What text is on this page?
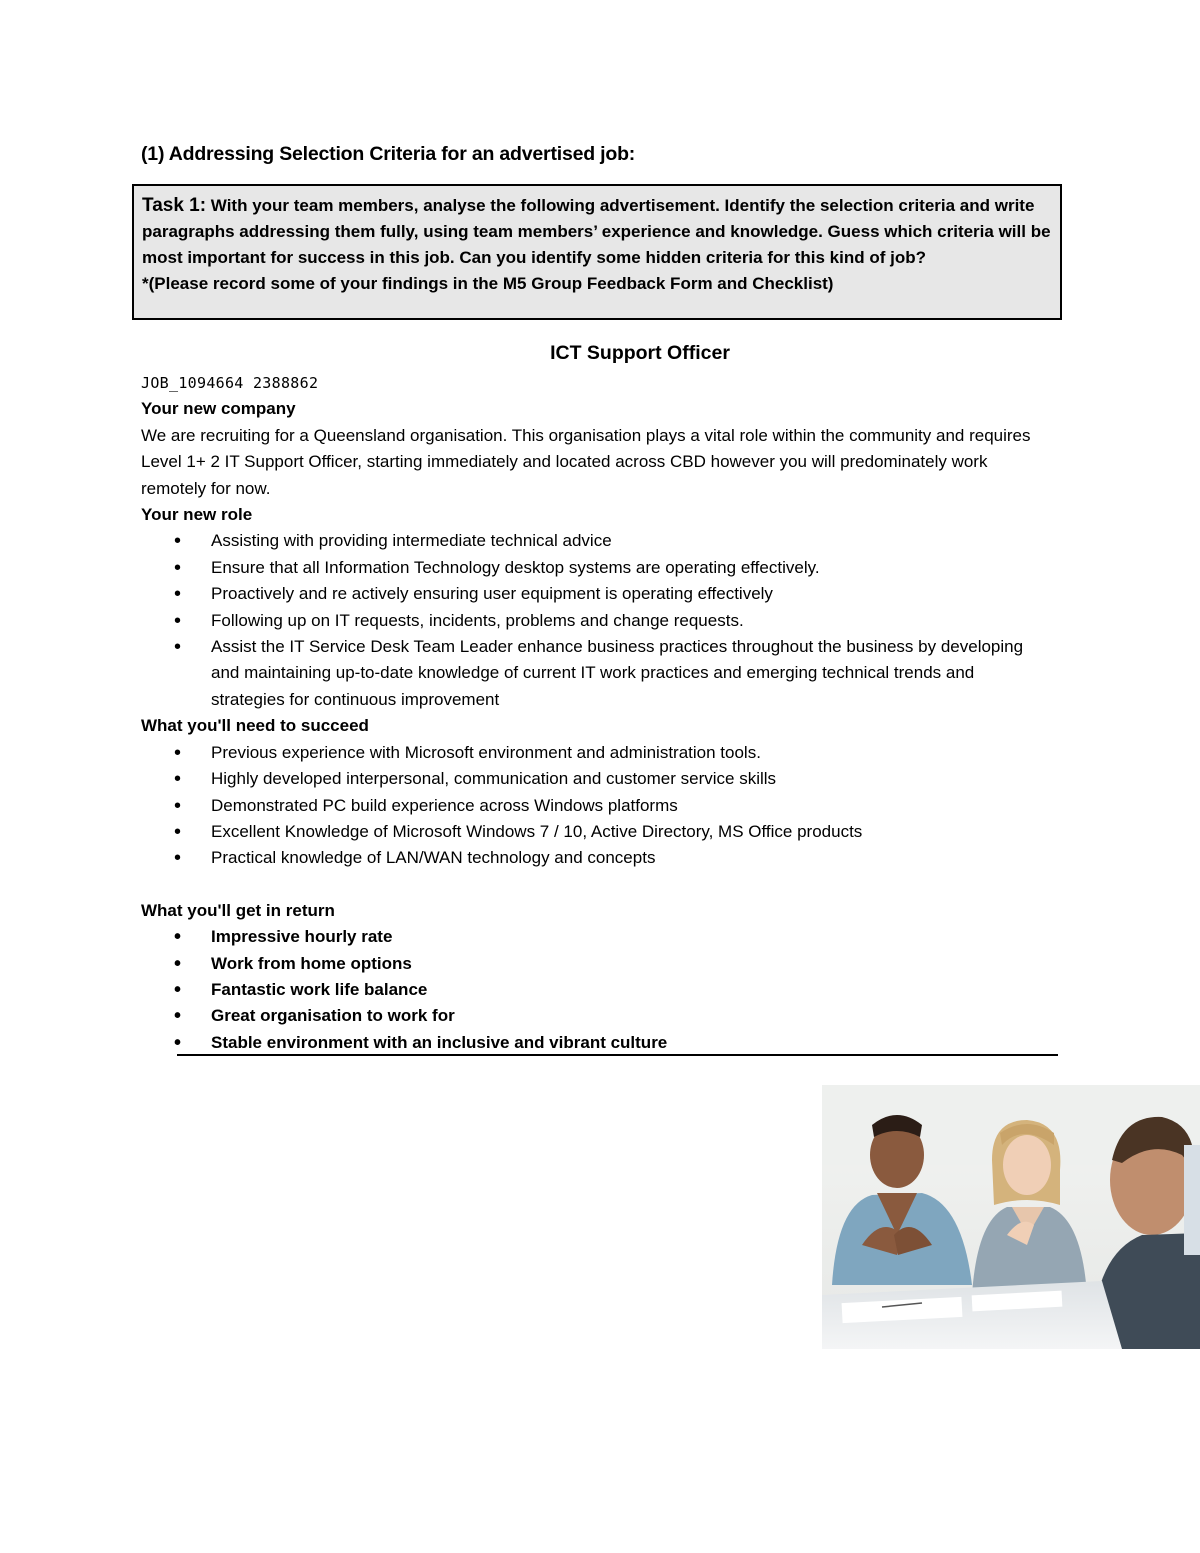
(1) Addressing Selection Criteria for an advertised job:
Task 1: With your team members, analyse the following advertisement. Identify the selection criteria and write paragraphs addressing them fully, using team members’ experience and knowledge. Guess which criteria will be most important for success in this job. Can you identify some hidden criteria for this kind of job?
*(Please record some of your findings in the M5 Group Feedback Form and Checklist)
ICT Support Officer
JOB_1094664 2388862
Your new company
We are recruiting for a Queensland organisation. This organisation plays a vital role within the community and requires Level 1+ 2 IT Support Officer, starting immediately and located across CBD however you will predominately work remotely for now.
Your new role
• Assisting with providing intermediate technical advice
• Ensure that all Information Technology desktop systems are operating effectively.
• Proactively and re actively ensuring user equipment is operating effectively
• Following up on IT requests, incidents, problems and change requests.
• Assist the IT Service Desk Team Leader enhance business practices throughout the business by developing and maintaining up-to-date knowledge of current IT work practices and emerging technical trends and strategies for continuous improvement
What you'll need to succeed
• Previous experience with Microsoft environment and administration tools.
• Highly developed interpersonal, communication and customer service skills
• Demonstrated PC build experience across Windows platforms
• Excellent Knowledge of Microsoft Windows 7 / 10, Active Directory, MS Office products
• Practical knowledge of LAN/WAN technology and concepts
What you'll get in return
• Impressive hourly rate
• Work from home options
• Fantastic work life balance
• Great organisation to work for
• Stable environment with an inclusive and vibrant culture
